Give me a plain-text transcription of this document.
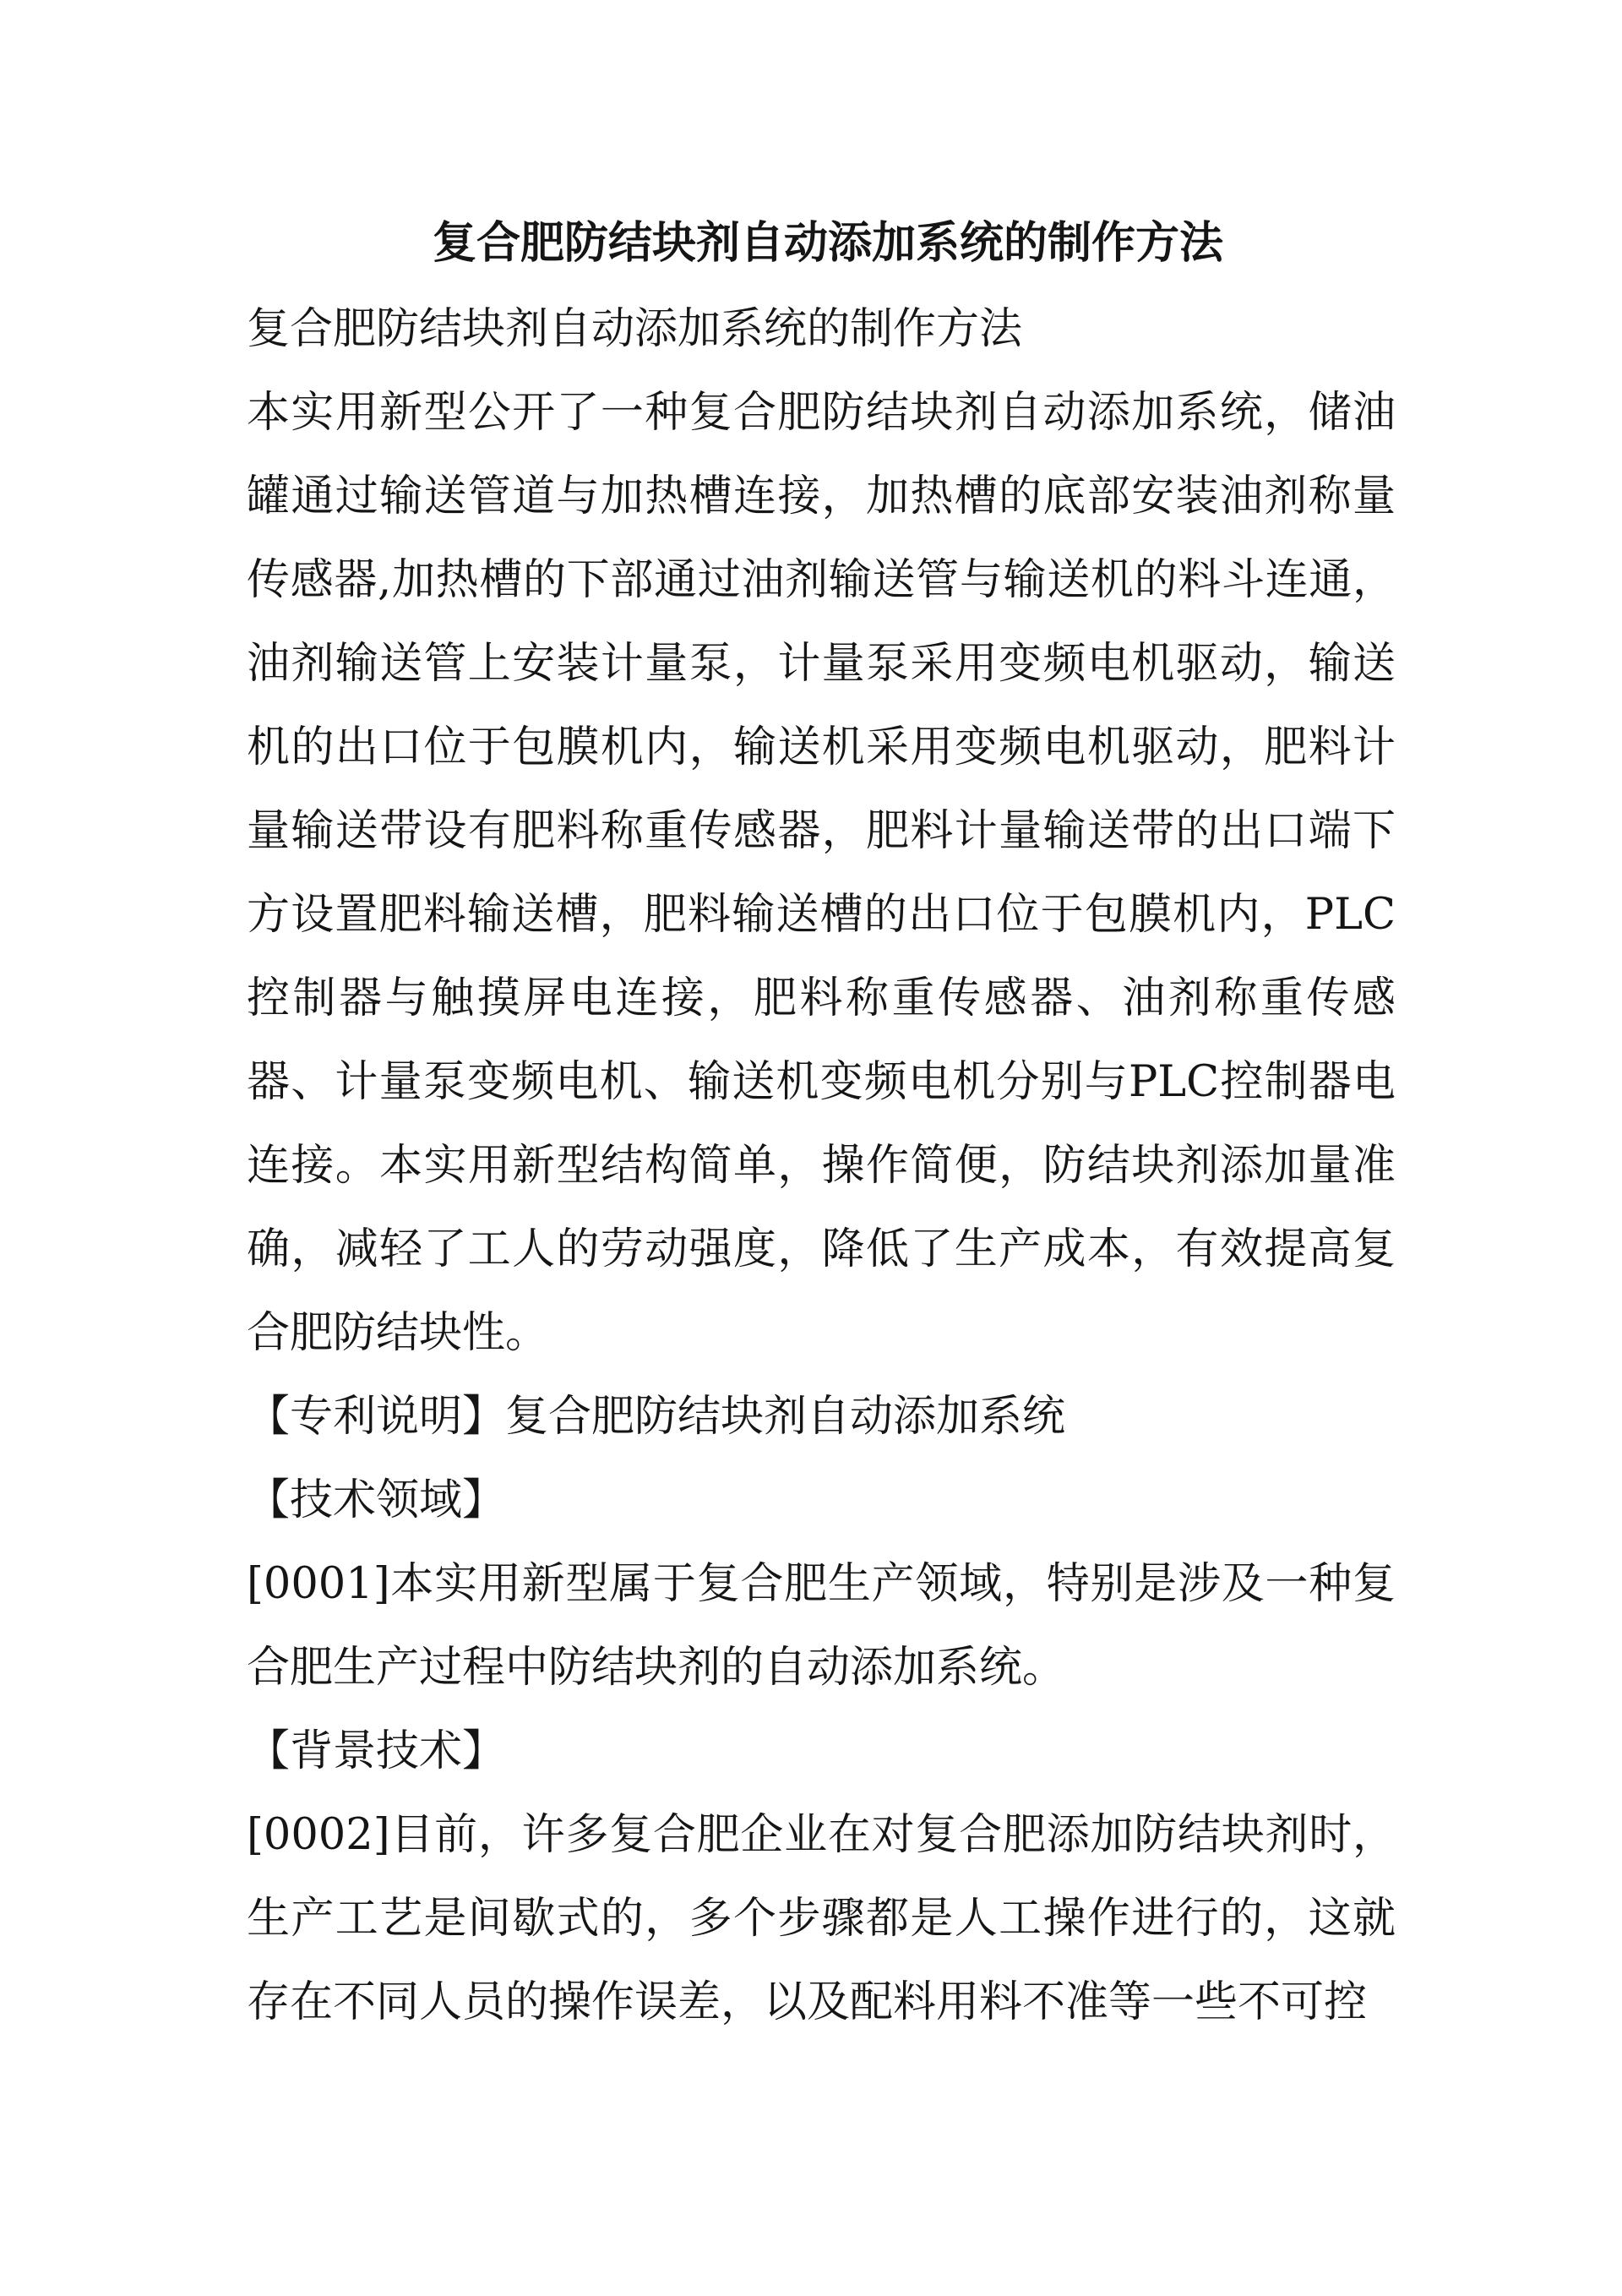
复合肥防结块剂自动添加系统的制作方法

复合肥防结块剂自动添加系统的制作方法

本实用新型公开了一种复合肥防结块剂自动添加系统，储油罐通过输送管道与加热槽连接，加热槽的底部安装油剂称量传感器,加热槽的下部通过油剂输送管与输送机的料斗连通，油剂输送管上安装计量泵，计量泵采用变频电机驱动，输送机的出口位于包膜机内，输送机采用变频电机驱动，肥料计量输送带设有肥料称重传感器，肥料计量输送带的出口端下方设置肥料输送槽，肥料输送槽的出口位于包膜机内，PLC控制器与触摸屏电连接，肥料称重传感器、油剂称重传感器、计量泵变频电机、输送机变频电机分别与PLC控制器电连接。本实用新型结构简单，操作简便，防结块剂添加量准确，减轻了工人的劳动强度，降低了生产成本，有效提高复合肥防结块性。

【专利说明】复合肥防结块剂自动添加系统

【技术领域】

[0001]本实用新型属于复合肥生产领域，特别是涉及一种复合肥生产过程中防结块剂的自动添加系统。

【背景技术】

[0002]目前，许多复合肥企业在对复合肥添加防结块剂时，生产工艺是间歇式的，多个步骤都是人工操作进行的，这就存在不同人员的操作误差，以及配料用料不准等一些不可控
